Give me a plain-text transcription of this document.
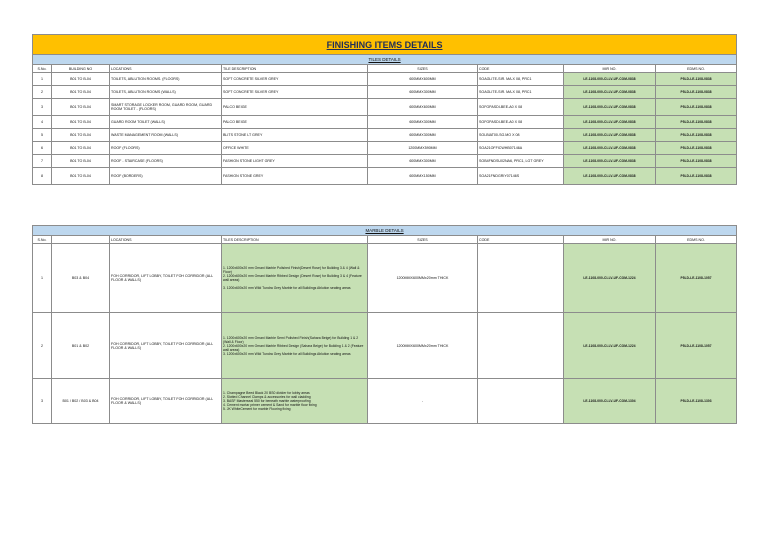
FINISHING ITEMS DETAILS							
TILES DETAILS							
S.No.	BUILDING NO	LOCATIONS	TILE DESCRIPTION	SIZES	CODE	MIR NO.	EDMS NO.
1	B01 TO B-04	TOILETS, ABLUTION ROOMS. (FLOORS)	SOFT CONCRETE SILVER GREY	600MMX600MM	SOAGLITE-SIR. MA.X 08, PRC1	LE-1108-000-CI-LV-UF-COM-0838	P5LD-LE-1108-0838
2	B01 TO B-04	TOILETS, ABLUTION ROOMS (WALLS)	SOFT CONCRETE SILVER GREY	600MMX300MM	SOAGLITE-SIR. MA.X 08, PRC1	LE-1108-000-CI-LV-UF-COM-0838	P5LD-LE-1108-0838
3	B01 TO B-04	SMART STORAGE LOCKER ROOM, GUARD ROOM, GUARD ROOM TOILET - (FLOORS)	PALCO BEIGE	600MMX600MM	SOFGPASDI-BEE-A0 X 08	LE-1108-000-CI-LV-UF-COM-0838	P5LD-LE-1108-0838
4	B01 TO B-04	GUARD ROOM TOILET (WALLS)	PALCO BEIGE	600MMX300MM	SOFGPASDI-BEE-A0 X 08	LE-1108-000-CI-LV-UF-COM-0838	P5LD-LE-1108-0838
5	B01 TO B-04	WASTE MANAGEMENT ROOM (WALLS)	BLITS STONE LT GREY	600MMX300MM	SOLBIAT00-SG.MO X 08	LE-1108-000-CI-LV-UF-COM-0838	P5LD-LE-1108-0838
6	B01 TO B-04	ROOF (FLOORS)	OFFICE WHITE	1200MMX590MM	SOA21OFFICWHB07146A	LE-1108-000-CI-LV-UF-COM-0838	P5LD-LE-1108-0838
7	B01 TO B-04	ROOF - STAIRCASE (FLOORS)	FASHION STONE LIGHT GREY	600MMX300MM	SOB4FNDSU02NA6, PRC1, LGT GREY	LE-1108-000-CI-LV-UF-COM-0838	P5LD-LE-1108-0838
8	B01 TO B-04	ROOF (BORDERS)	FASHION STONE GREY	600MMX150MM	SOA21FNDGRIY07146S	LE-1108-000-CI-LV-UF-COM-0838	P5LD-LE-1108-0838
MARBLE DETAILS							
S.No.		LOCATIONS	TILES DESCRIPTION	SIZES	CODE	MIR NO.	EDMS NO.
1	B03 & B04	FOH CORRIDOR, LIFT LOBBY, TOILET FOH CORRIDOR (ALL FLOOR & WALLS)	1. 1200x600x20 mm Omani Marble Polished Finish(Desert Rose) for Building 3 & 4 (Wall & Floor)
2. 1200x600x20 mm Omani Marble Ribbed Design (Desert Rose) for Building 3 & 4 (Feature wall areas)
3. 1200x600x20 mm Wild Tundra Grey Marble for all Buildings Ablution seating areas	1200MMX600MMx20mm THICK		LE-1108-000-CI-LV-UF-COM-1224	P5LD-LE-1108-1057
2	B01 & B02	FOH CORRIDOR, LIFT LOBBY, TOILET FOH CORRIDOR (ALL FLOOR & WALLS)	1. 1200x600x20 mm Omani Marble Semi Polished Finish(Sahara Beige) for Building 1 & 2 (Wall & Floor)
2. 1200x600x20 mm Omani Marble Ribbed Design (Sahara Beige) for Building 1 & 2 (Feature wall areas)
3. 1200x600x20 mm Wild Tundra Grey Marble for all Buildings Ablution seating areas	1200MMX600MMx20mm THICK		LE-1108-000-CI-LV-UF-COM-1224	P5LD-LE-1108-1057
3	B01 / B02 / B03 & B04	FOH CORRIDOR, LIFT LOBBY, TOILET FOH CORRIDOR (ALL FLOOR & WALLS)	1. Champagne Beed Black 20 BS0 divider for lobby areas
2. Slotted Channel Clamps & accessories for wall cladding
3. BASF Masterseal 550 for beneath marble waterproofing
4. Cement mortar primer cement & Sand for marble floor fixing
5. JK WhiteCement for marble Flooring fixing	-		LE-1108-000-CI-LV-UF-COM-1304	P5LD-LE-1108-1303
